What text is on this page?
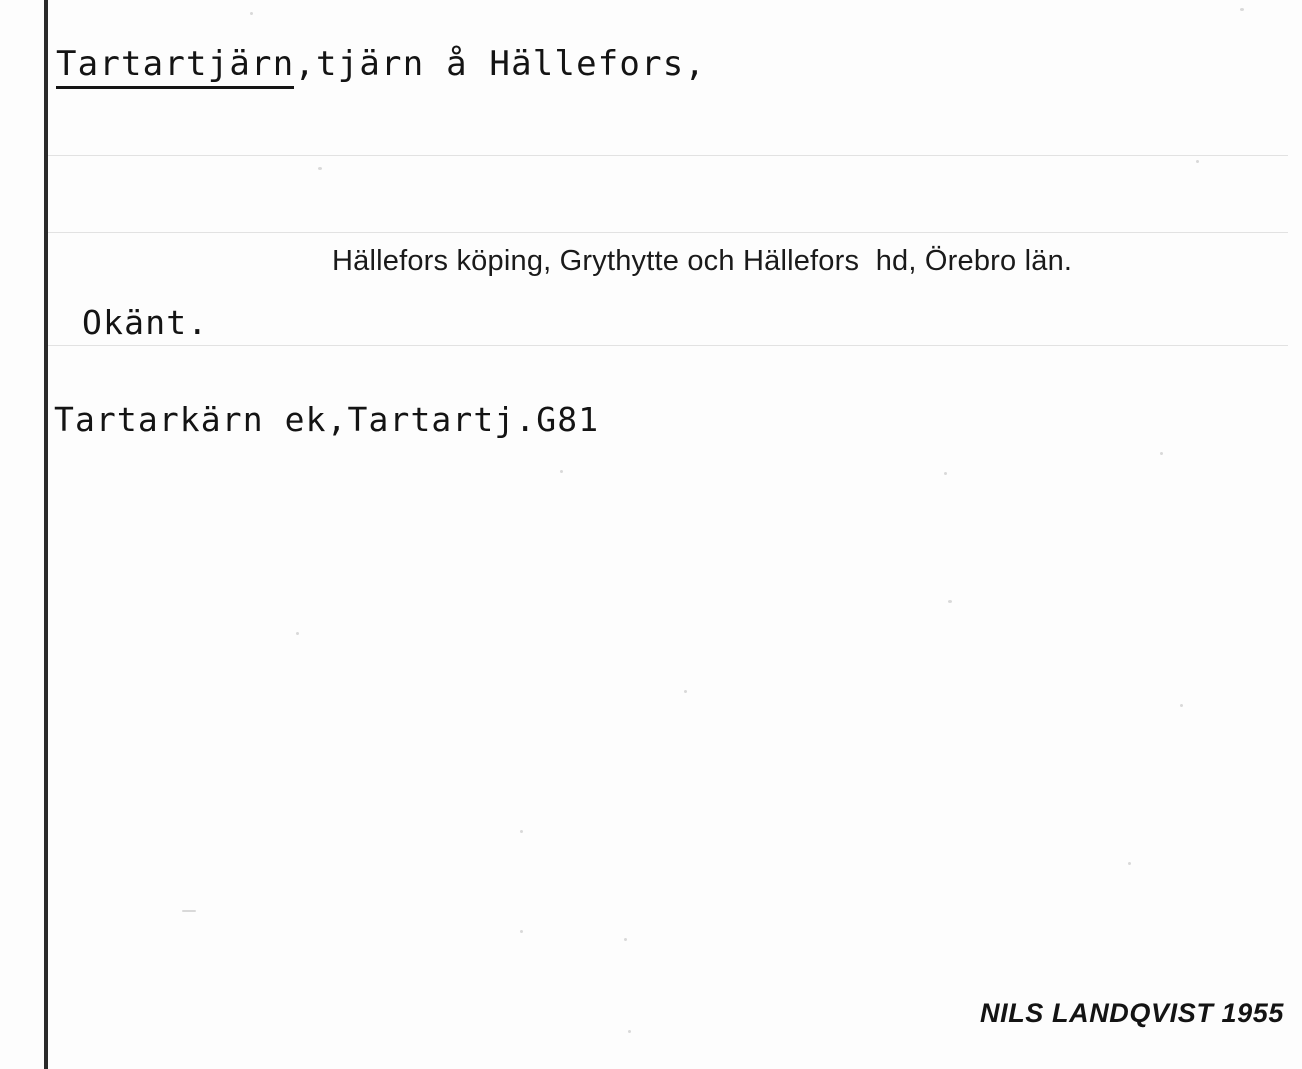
Tartartjärn,tjärn å Hällefors,
Hällefors köping, Grythytte och Hällefors  hd, Örebro län.
Okänt.
Tartarkärn ek,Tartartj.G81
NILS LANDQVIST 1955
